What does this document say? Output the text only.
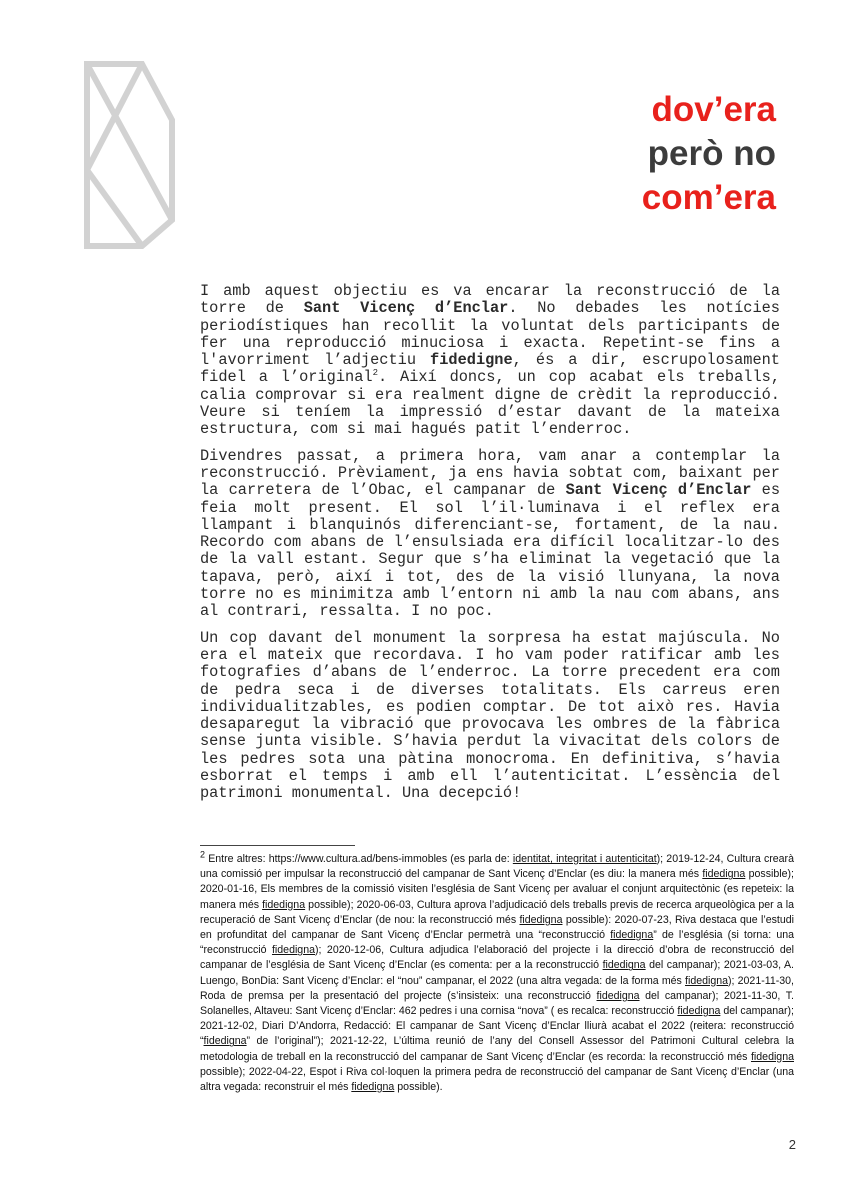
dov’era
però no
com’era

I amb aquest objectiu es va encarar la reconstrucció de la torre de Sant Vicenç d’Enclar. No debades les notícies periodístiques han recollit la voluntat dels participants de fer una reproducció minuciosa i exacta. Repetint-se fins a l'avorriment l’adjectiu fidedigne, és a dir, escrupolosament fidel a l’original$^2$. Així doncs, un cop acabat els treballs, calia comprovar si era realment digne de crèdit la reproducció. Veure si teníem la impressió d’estar davant de la mateixa estructura, com si mai hagués patit l’enderroc.

Divendres passat, a primera hora, vam anar a contemplar la reconstrucció. Prèviament, ja ens havia sobtat com, baixant per la carretera de l’Obac, el campanar de Sant Vicenç d’Enclar es feia molt present. El sol l’il·luminava i el reflex era llampant i blanquinós diferenciant-se, fortament, de la nau. Recordo com abans de l’ensulsiada era difícil localitzar-lo des de la vall estant. Segur que s’ha eliminat la vegetació que la tapava, però, així i tot, des de la visió llunyana, la nova torre no es minimitza amb l’entorn ni amb la nau com abans, ans al contrari, ressalta. I no poc.

Un cop davant del monument la sorpresa ha estat majúscula. No era el mateix que recordava. I ho vam poder ratificar amb les fotografies d’abans de l’enderroc. La torre precedent era com de pedra seca i de diverses totalitats. Els carreus eren individualitzables, es podien comptar. De tot això res. Havia desaparegut la vibració que provocava les ombres de la fàbrica sense junta visible. S’havia perdut la vivacitat dels colors de les pedres sota una pàtina monocroma. En definitiva, s’havia esborrat el temps i amb ell l’autenticitat. L’essència del patrimoni monumental. Una decepció!

$^2$ Entre altres: https://www.cultura.ad/bens-immobles (es parla de: identitat, integritat i autenticitat); 2019-12-24, Cultura crearà una comissió per impulsar la reconstrucció del campanar de Sant Vicenç d’Enclar (es diu: la manera més fidedigna possible); 2020-01-16, Els membres de la comissió visiten l’església de Sant Vicenç per avaluar el conjunt arquitectònic (es repeteix: la manera més fidedigna possible); 2020-06-03, Cultura aprova l’adjudicació dels treballs previs de recerca arqueològica per a la recuperació de Sant Vicenç d’Enclar (de nou: la reconstrucció més fidedigna possible): 2020-07-23, Riva destaca que l’estudi en profunditat del campanar de Sant Vicenç d’Enclar permetrà una “reconstrucció fidedigna” de l’església (si torna: una “reconstrucció fidedigna); 2020-12-06, Cultura adjudica l’elaboració del projecte i la direcció d’obra de reconstrucció del campanar de l’església de Sant Vicenç d’Enclar (es comenta: per a la reconstrucció fidedigna del campanar); 2021-03-03, A. Luengo, BonDia: Sant Vicenç d’Enclar: el “nou” campanar, el 2022 (una altra vegada: de la forma més fidedigna); 2021-11-30, Roda de premsa per la presentació del projecte (s’insisteix: una reconstrucció fidedigna del campanar); 2021-11-30, T. Solanelles, Altaveu: Sant Vicenç d’Enclar: 462 pedres i una cornisa “nova” ( es recalca: reconstrucció fidedigna del campanar); 2021-12-02, Diari D’Andorra, Redacció: El campanar de Sant Vicenç d’Enclar lliurà acabat el 2022 (reitera: reconstrucció “fidedigna” de l’original”); 2021-12-22, L’última reunió de l’any del Consell Assessor del Patrimoni Cultural celebra la metodologia de treball en la reconstrucció del campanar de Sant Vicenç d’Enclar (es recorda: la reconstrucció més fidedigna possible); 2022-04-22, Espot i Riva col·loquen la primera pedra de reconstrucció del campanar de Sant Vicenç d’Enclar (una altra vegada: reconstruir el més fidedigna possible).
2
